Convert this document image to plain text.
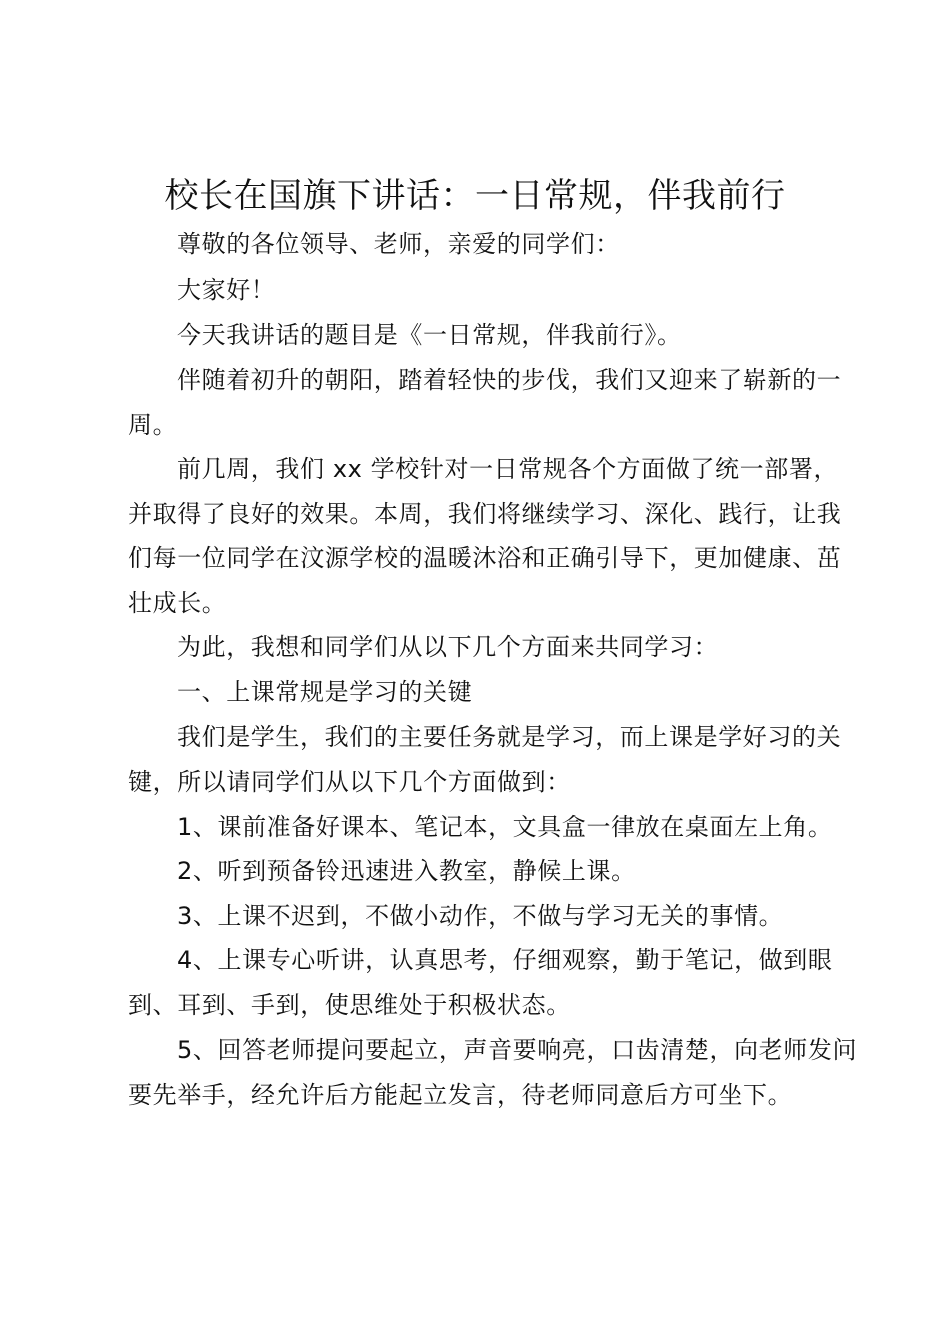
校长在国旗下讲话：一日常规，伴我前行

尊敬的各位领导、老师，亲爱的同学们：

大家好！

今天我讲话的题目是《一日常规，伴我前行》。

伴随着初升的朝阳，踏着轻快的步伐，我们又迎来了崭新的一周。

前几周，我们 xx 学校针对一日常规各个方面做了统一部署，并取得了良好的效果。本周，我们将继续学习、深化、践行，让我们每一位同学在汶源学校的温暖沐浴和正确引导下，更加健康、茁壮成长。

为此，我想和同学们从以下几个方面来共同学习：

一、上课常规是学习的关键

我们是学生，我们的主要任务就是学习，而上课是学好习的关键，所以请同学们从以下几个方面做到：

1、课前准备好课本、笔记本，文具盒一律放在桌面左上角。

2、听到预备铃迅速进入教室，静候上课。

3、上课不迟到，不做小动作，不做与学习无关的事情。

4、上课专心听讲，认真思考，仔细观察，勤于笔记，做到眼到、耳到、手到，使思维处于积极状态。

5、回答老师提问要起立，声音要响亮，口齿清楚，向老师发问要先举手，经允许后方能起立发言，待老师同意后方可坐下。
